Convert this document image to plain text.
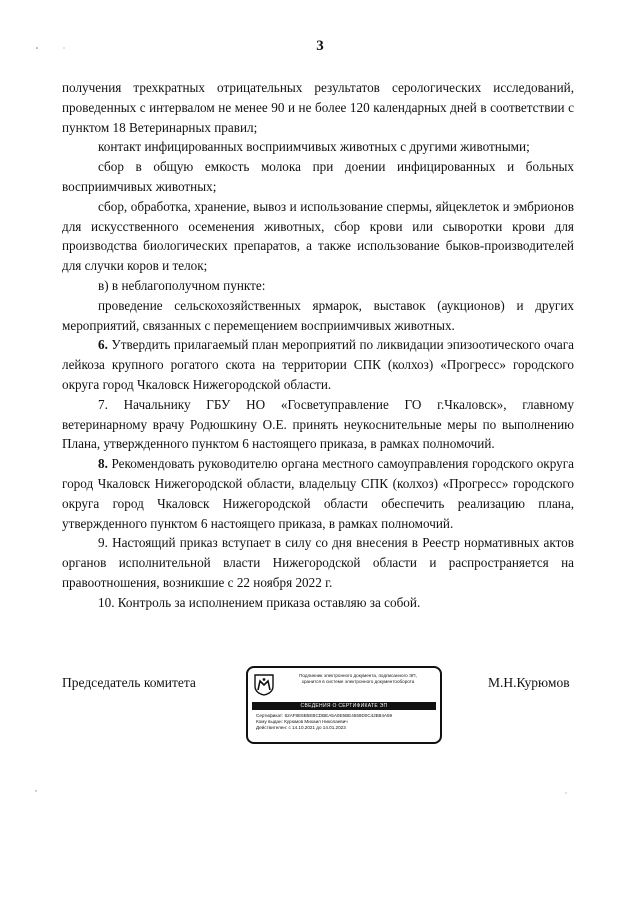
3

получения трехкратных отрицательных результатов серологических исследований, проведенных с интервалом не менее 90 и не более 120 календарных дней в соответствии с пунктом 18 Ветеринарных правил;

контакт инфицированных восприимчивых животных с другими животными;

сбор в общую емкость молока при доении инфицированных и больных восприимчивых животных;

сбор, обработка, хранение, вывоз и использование спермы, яйцеклеток и эмбрионов для искусственного осеменения животных, сбор крови или сыворотки крови для производства биологических препаратов, а также использование быков-производителей для случки коров и телок;

в) в неблагополучном пункте:

проведение сельскохозяйственных ярмарок, выставок (аукционов) и других мероприятий, связанных с перемещением восприимчивых животных.

6. Утвердить прилагаемый план мероприятий по ликвидации эпизоотического очага лейкоза крупного рогатого скота на территории СПК (колхоз) «Прогресс» городского округа город Чкаловск Нижегородской области.

7. Начальнику ГБУ НО «Госветуправление ГО г.Чкаловск», главному ветеринарному врачу Родюшкину О.Е. принять неукоснительные меры по выполнению Плана, утвержденного пунктом 6 настоящего приказа, в рамках полномочий.

8. Рекомендовать руководителю органа местного самоуправления городского округа город Чкаловск Нижегородской области, владельцу СПК (колхоз) «Прогресс» городского округа город Чкаловск Нижегородской области обеспечить реализацию плана, утвержденного пунктом 6 настоящего приказа, в рамках полномочий.

9. Настоящий приказ вступает в силу со дня внесения в Реестр нормативных актов органов исполнительной власти Нижегородской области и распространяется на правоотношения, возникшие с 22 ноября 2022 г.

10. Контроль за исполнением приказа оставляю за собой.

Председатель комитета	М.Н.Курюмов
Подлинник электронного документа, подписанного ЭП,
хранится в системе электронного документооборота
СВЕДЕНИЯ О СЕРТИФИКАТЕ ЭП
Сертификат: 62AF8E6B5EBCDBEA5A0E5BE4559D0C42B84A59
Кому выдан: Курюмов Михаил Николаевич
Действителен: с 14.10.2021 до 14.01.2023
